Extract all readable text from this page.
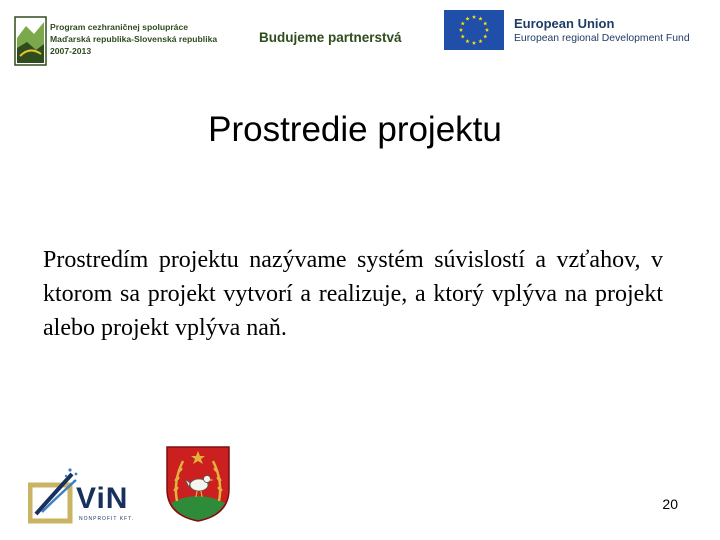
Program cezhraničnej spolupráce
Maďarská republika-Slovenská republika
2007-2013
Budujeme partnerstvá
European Union
European regional Development Fund
Prostredie projektu
Prostredím projektu nazývame systém súvislostí a vzťahov, v ktorom sa projekt vytvorí a realizuje, a ktorý vplýva na projekt alebo projekt vplýva naň.
ViN
NONPROFIT KFT.
20
